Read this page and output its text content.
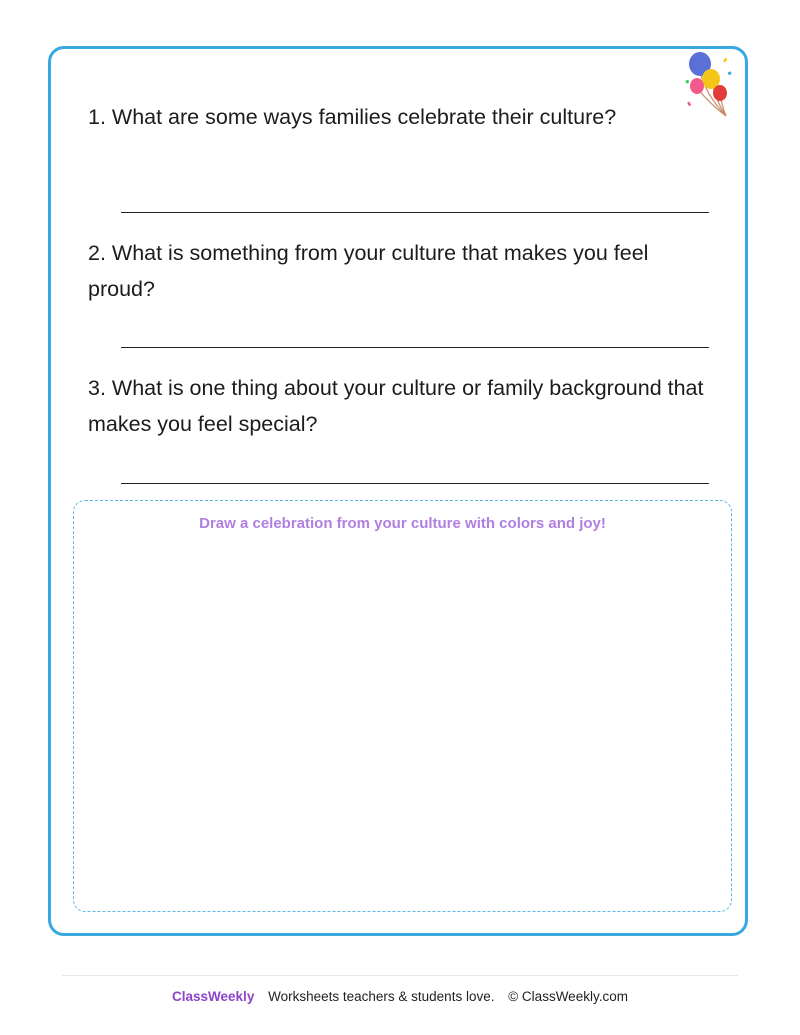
1. What are some ways families celebrate their culture?

2. What is something from your culture that makes you feel proud?

3. What is one thing about your culture or family background that makes you feel special?

Draw a celebration from your culture with colors and joy!
ClassWeekly Worksheets teachers & students love. © ClassWeekly.com
